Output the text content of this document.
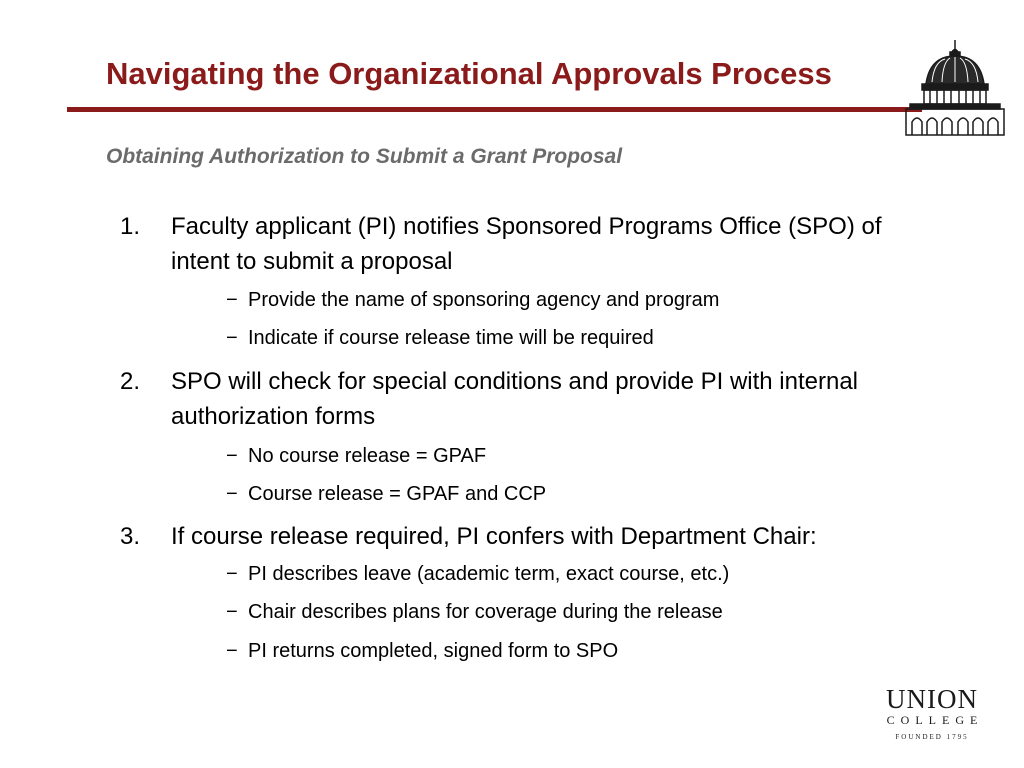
Navigating the Organizational Approvals Process
Obtaining Authorization to Submit a Grant Proposal
1. Faculty applicant (PI) notifies Sponsored Programs Office (SPO) of intent to submit a proposal
− Provide the name of sponsoring agency and program
− Indicate if course release time will be required
2. SPO will check for special conditions and provide PI with internal authorization forms
− No course release = GPAF
− Course release = GPAF and CCP
3. If course release required, PI confers with Department Chair:
− PI describes leave (academic term, exact course, etc.)
− Chair describes plans for coverage during the release
− PI returns completed, signed form to SPO
UNION
COLLEGE
FOUNDED 1795
